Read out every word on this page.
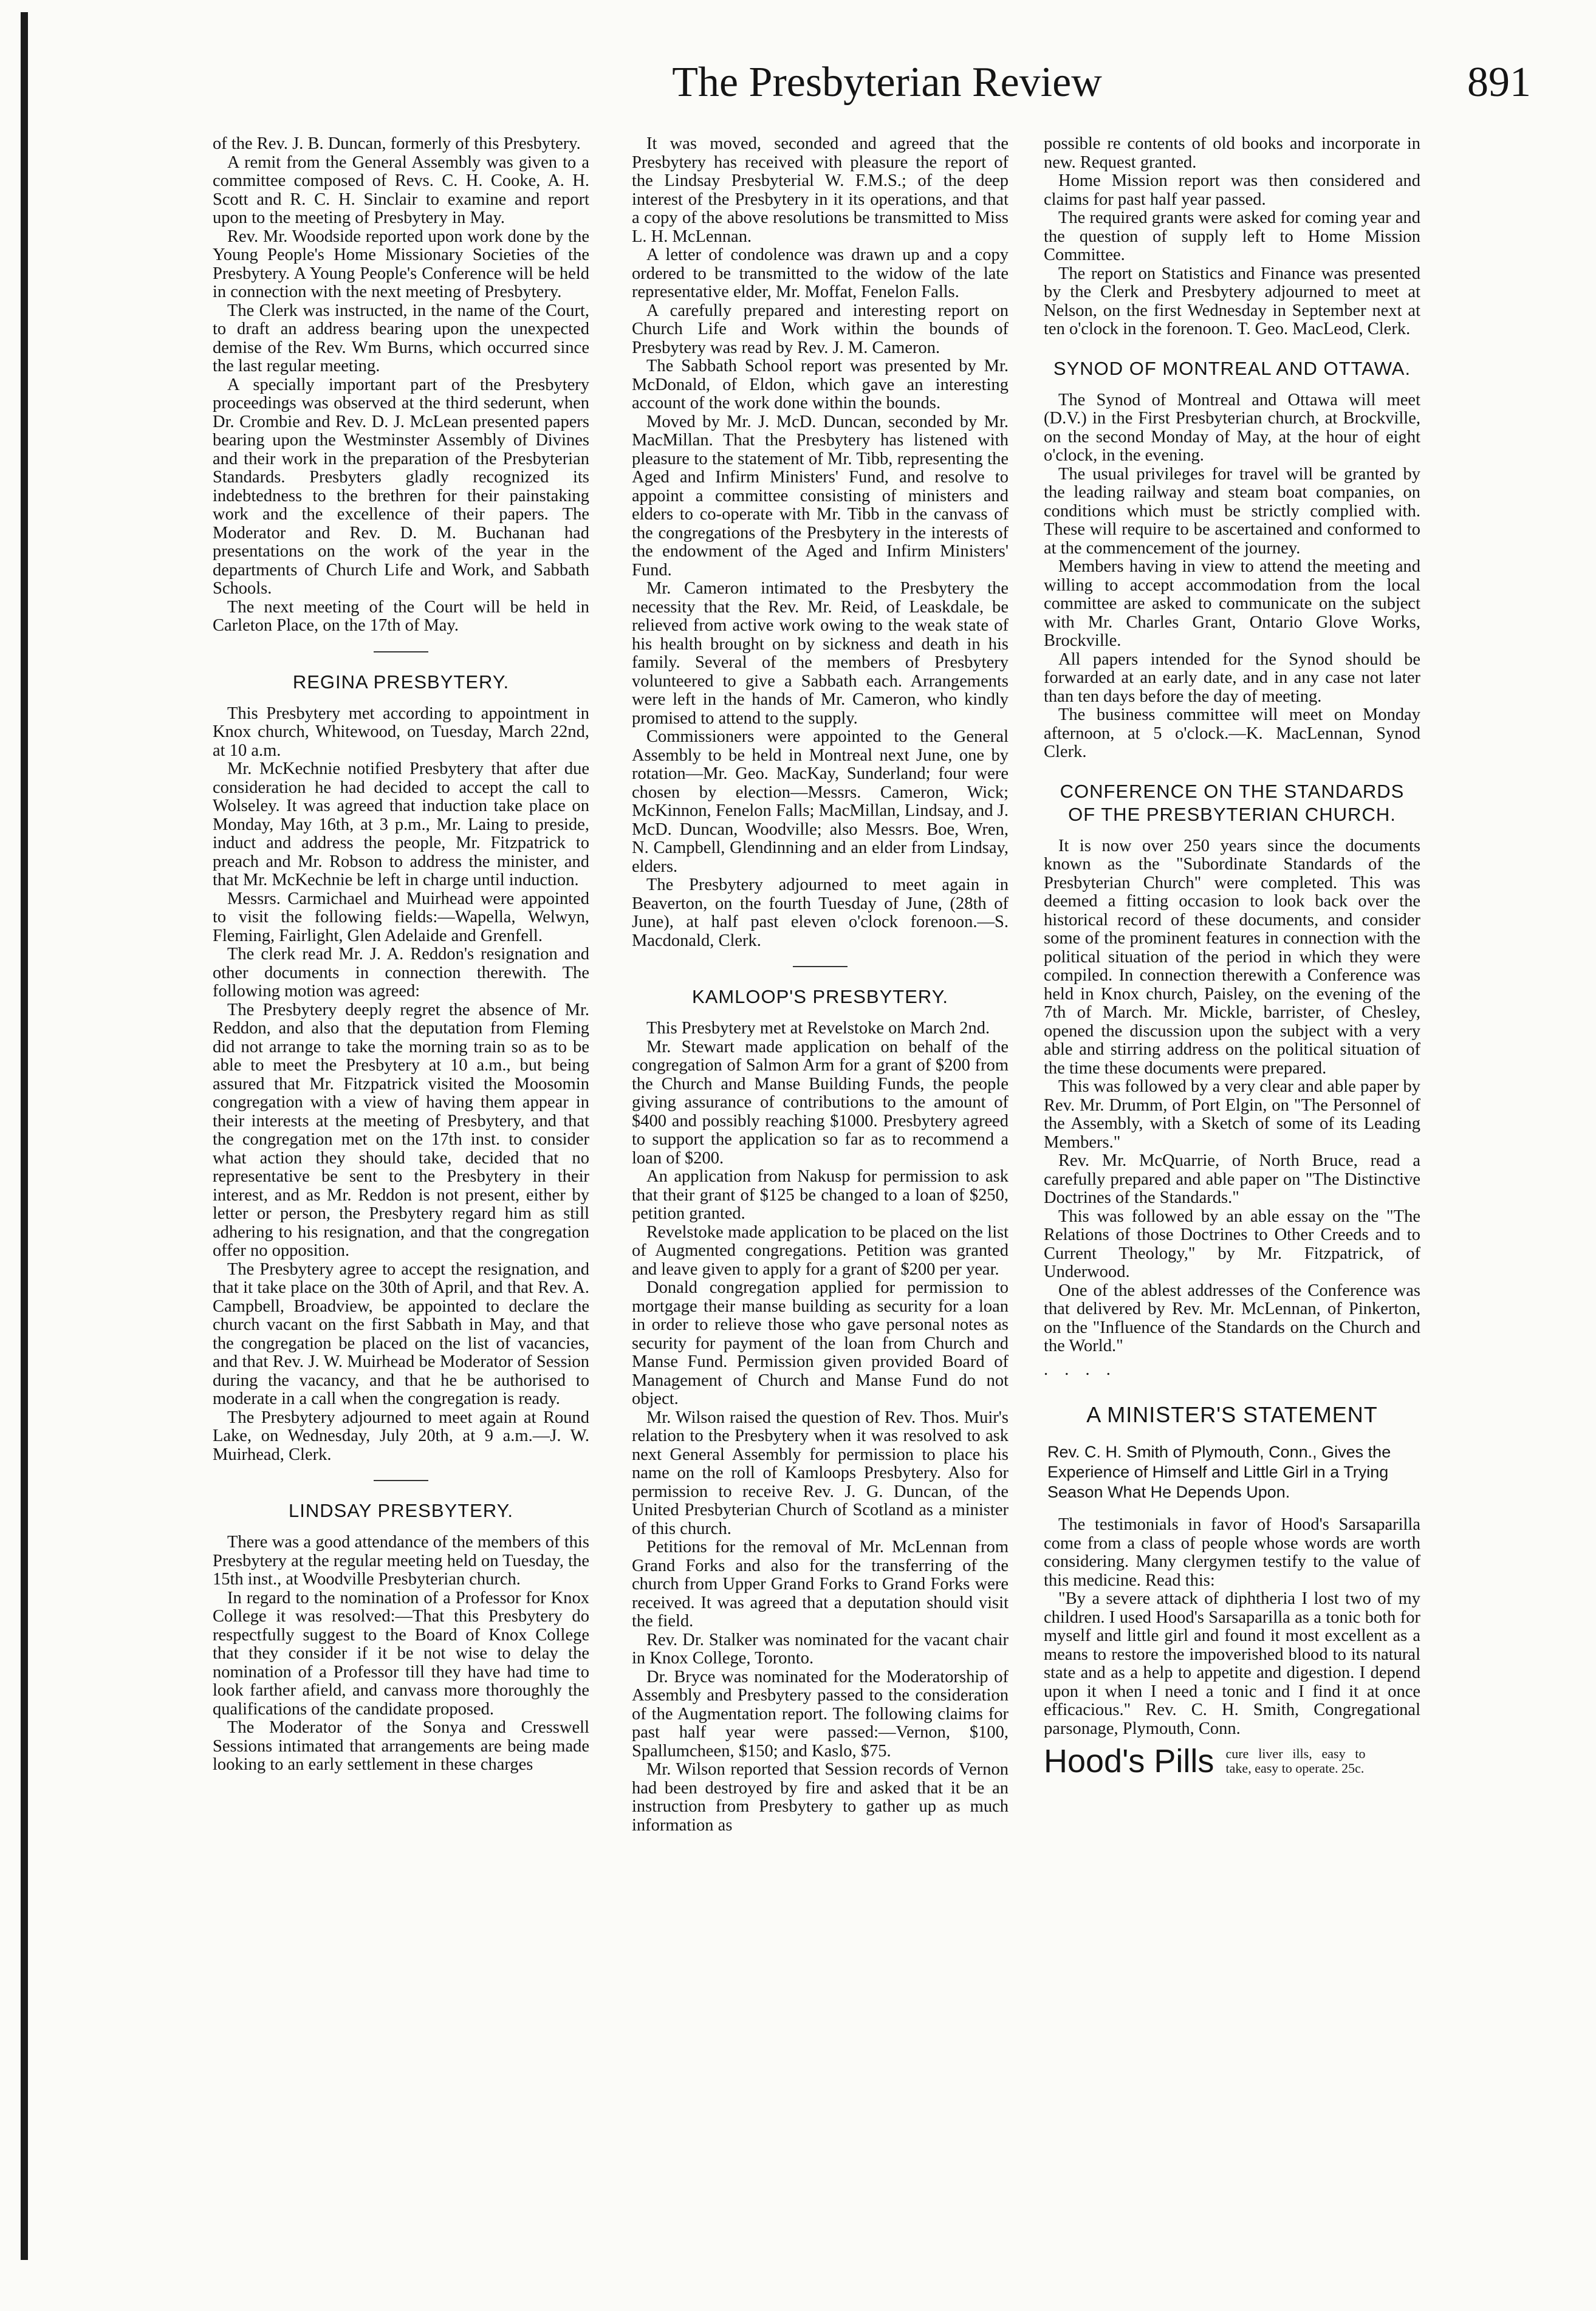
The Presbyterian Review	891

of the Rev. J. B. Duncan, formerly of this Presbytery.

A remit from the General Assembly was given to a committee composed of Revs. C. H. Cooke, A. H. Scott and R. C. H. Sinclair to examine and report upon to the meeting of Presbytery in May.

Rev. Mr. Woodside reported upon work done by the Young People's Home Missionary Societies of the Presbytery. A Young People's Conference will be held in connection with the next meeting of Presbytery.

The Clerk was instructed, in the name of the Court, to draft an address bearing upon the unexpected demise of the Rev. Wm Burns, which occurred since the last regular meeting.

A specially important part of the Presbytery proceedings was observed at the third sederunt, when Dr. Crombie and Rev. D. J. McLean presented papers bearing upon the Westminster Assembly of Divines and their work in the preparation of the Presbyterian Standards. Presbyters gladly recognized its indebtedness to the brethren for their painstaking work and the excellence of their papers. The Moderator and Rev. D. M. Buchanan had presentations on the work of the year in the departments of Church Life and Work, and Sabbath Schools.

The next meeting of the Court will be held in Carleton Place, on the 17th of May.

REGINA PRESBYTERY.

This Presbytery met according to appointment in Knox church, Whitewood, on Tuesday, March 22nd, at 10 a.m.

Mr. McKechnie notified Presbytery that after due consideration he had decided to accept the call to Wolseley. It was agreed that induction take place on Monday, May 16th, at 3 p.m., Mr. Laing to preside, induct and address the people, Mr. Fitzpatrick to preach and Mr. Robson to address the minister, and that Mr. McKechnie be left in charge until induction.

Messrs. Carmichael and Muirhead were appointed to visit the following fields:—Wapella, Welwyn, Fleming, Fairlight, Glen Adelaide and Grenfell.

The clerk read Mr. J. A. Reddon's resignation and other documents in connection therewith. The following motion was agreed:

The Presbytery deeply regret the absence of Mr. Reddon, and also that the deputation from Fleming did not arrange to take the morning train so as to be able to meet the Presbytery at 10 a.m., but being assured that Mr. Fitzpatrick visited the Moosomin congregation with a view of having them appear in their interests at the meeting of Presbytery, and that the congregation met on the 17th inst. to consider what action they should take, decided that no representative be sent to the Presbytery in their interest, and as Mr. Reddon is not present, either by letter or person, the Presbytery regard him as still adhering to his resignation, and that the congregation offer no opposition.

The Presbytery agree to accept the resignation, and that it take place on the 30th of April, and that Rev. A. Campbell, Broadview, be appointed to declare the church vacant on the first Sabbath in May, and that the congregation be placed on the list of vacancies, and that Rev. J. W. Muirhead be Moderator of Session during the vacancy, and that he be authorised to moderate in a call when the congregation is ready.

The Presbytery adjourned to meet again at Round Lake, on Wednesday, July 20th, at 9 a.m.—J. W. Muirhead, Clerk.

LINDSAY PRESBYTERY.

There was a good attendance of the members of this Presbytery at the regular meeting held on Tuesday, the 15th inst., at Woodville Presbyterian church.

In regard to the nomination of a Professor for Knox College it was resolved:—That this Presbytery do respectfully suggest to the Board of Knox College that they consider if it be not wise to delay the nomination of a Professor till they have had time to look farther afield, and canvass more thoroughly the qualifications of the candidate proposed.

The Moderator of the Sonya and Cresswell Sessions intimated that arrangements are being made looking to an early settlement in these charges

It was moved, seconded and agreed that the Presbytery has received with pleasure the report of the Lindsay Presbyterial W. F.M.S.; of the deep interest of the Presbytery in it its operations, and that a copy of the above resolutions be transmitted to Miss L. H. McLennan.

A letter of condolence was drawn up and a copy ordered to be transmitted to the widow of the late representative elder, Mr. Moffat, Fenelon Falls.

A carefully prepared and interesting report on Church Life and Work within the bounds of Presbytery was read by Rev. J. M. Cameron.

The Sabbath School report was presented by Mr. McDonald, of Eldon, which gave an interesting account of the work done within the bounds.

Moved by Mr. J. McD. Duncan, seconded by Mr. MacMillan. That the Presbytery has listened with pleasure to the statement of Mr. Tibb, representing the Aged and Infirm Ministers' Fund, and resolve to appoint a committee consisting of ministers and elders to co-operate with Mr. Tibb in the canvass of the congregations of the Presbytery in the interests of the endowment of the Aged and Infirm Ministers' Fund.

Mr. Cameron intimated to the Presbytery the necessity that the Rev. Mr. Reid, of Leaskdale, be relieved from active work owing to the weak state of his health brought on by sickness and death in his family. Several of the members of Presbytery volunteered to give a Sabbath each. Arrangements were left in the hands of Mr. Cameron, who kindly promised to attend to the supply.

Commissioners were appointed to the General Assembly to be held in Montreal next June, one by rotation—Mr. Geo. MacKay, Sunderland; four were chosen by election—Messrs. Cameron, Wick; McKinnon, Fenelon Falls; MacMillan, Lindsay, and J. McD. Duncan, Woodville; also Messrs. Boe, Wren, N. Campbell, Glendinning and an elder from Lindsay, elders.

The Presbytery adjourned to meet again in Beaverton, on the fourth Tuesday of June, (28th of June), at half past eleven o'clock forenoon.—S. Macdonald, Clerk.

KAMLOOP'S PRESBYTERY.

This Presbytery met at Revelstoke on March 2nd.

Mr. Stewart made application on behalf of the congregation of Salmon Arm for a grant of $200 from the Church and Manse Building Funds, the people giving assurance of contributions to the amount of $400 and possibly reaching $1000. Presbytery agreed to support the application so far as to recommend a loan of $200.

An application from Nakusp for permission to ask that their grant of $125 be changed to a loan of $250, petition granted.

Revelstoke made application to be placed on the list of Augmented congregations. Petition was granted and leave given to apply for a grant of $200 per year.

Donald congregation applied for permission to mortgage their manse building as security for a loan in order to relieve those who gave personal notes as security for payment of the loan from Church and Manse Fund. Permission given provided Board of Management of Church and Manse Fund do not object.

Mr. Wilson raised the question of Rev. Thos. Muir's relation to the Presbytery when it was resolved to ask next General Assembly for permission to place his name on the roll of Kamloops Presbytery. Also for permission to receive Rev. J. G. Duncan, of the United Presbyterian Church of Scotland as a minister of this church.

Petitions for the removal of Mr. McLennan from Grand Forks and also for the transferring of the church from Upper Grand Forks to Grand Forks were received. It was agreed that a deputation should visit the field.

Rev. Dr. Stalker was nominated for the vacant chair in Knox College, Toronto.

Dr. Bryce was nominated for the Moderatorship of Assembly and Presbytery passed to the consideration of the Augmentation report. The following claims for past half year were passed:—Vernon, $100, Spallumcheen, $150; and Kaslo, $75.

Mr. Wilson reported that Session records of Vernon had been destroyed by fire and asked that it be an instruction from Presbytery to gather up as much information as

possible re contents of old books and incorporate in new. Request granted.

Home Mission report was then considered and claims for past half year passed.

The required grants were asked for coming year and the question of supply left to Home Mission Committee.

The report on Statistics and Finance was presented by the Clerk and Presbytery adjourned to meet at Nelson, on the first Wednesday in September next at ten o'clock in the forenoon. T. Geo. MacLeod, Clerk.

SYNOD OF MONTREAL AND OTTAWA.

The Synod of Montreal and Ottawa will meet (D.V.) in the First Presbyterian church, at Brockville, on the second Monday of May, at the hour of eight o'clock, in the evening.

The usual privileges for travel will be granted by the leading railway and steam boat companies, on conditions which must be strictly complied with. These will require to be ascertained and conformed to at the commencement of the journey.

Members having in view to attend the meeting and willing to accept accommodation from the local committee are asked to communicate on the subject with Mr. Charles Grant, Ontario Glove Works, Brockville.

All papers intended for the Synod should be forwarded at an early date, and in any case not later than ten days before the day of meeting.

The business committee will meet on Monday afternoon, at 5 o'clock.—K. MacLennan, Synod Clerk.

CONFERENCE ON THE STANDARDS OF THE PRESBYTERIAN CHURCH.

It is now over 250 years since the documents known as the "Subordinate Standards of the Presbyterian Church" were completed. This was deemed a fitting occasion to look back over the historical record of these documents, and consider some of the prominent features in connection with the political situation of the period in which they were compiled. In connection therewith a Conference was held in Knox church, Paisley, on the evening of the 7th of March. Mr. Mickle, barrister, of Chesley, opened the discussion upon the subject with a very able and stirring address on the political situation of the time these documents were prepared.

This was followed by a very clear and able paper by Rev. Mr. Drumm, of Port Elgin, on "The Personnel of the Assembly, with a Sketch of some of its Leading Members."

Rev. Mr. McQuarrie, of North Bruce, read a carefully prepared and able paper on "The Distinctive Doctrines of the Standards."

This was followed by an able essay on the "The Relations of those Doctrines to Other Creeds and to Current Theology," by Mr. Fitzpatrick, of Underwood.

One of the ablest addresses of the Conference was that delivered by Rev. Mr. McLennan, of Pinkerton, on the "Influence of the Standards on the Church and the World."

. . . .
A MINISTER'S STATEMENT
Rev. C. H. Smith of Plymouth, Conn., Gives the Experience of Himself and Little Girl in a Trying Season What He Depends Upon.

The testimonials in favor of Hood's Sarsaparilla come from a class of people whose words are worth considering. Many clergymen testify to the value of this medicine. Read this:

"By a severe attack of diphtheria I lost two of my children. I used Hood's Sarsaparilla as a tonic both for myself and little girl and found it most excellent as a means to restore the impoverished blood to its natural state and as a help to appetite and digestion. I depend upon it when I need a tonic and I find it at once efficacious." Rev. C. H. Smith, Congregational parsonage, Plymouth, Conn.

Hood's Pills cure liver ills, easy to take, easy to operate. 25c.
